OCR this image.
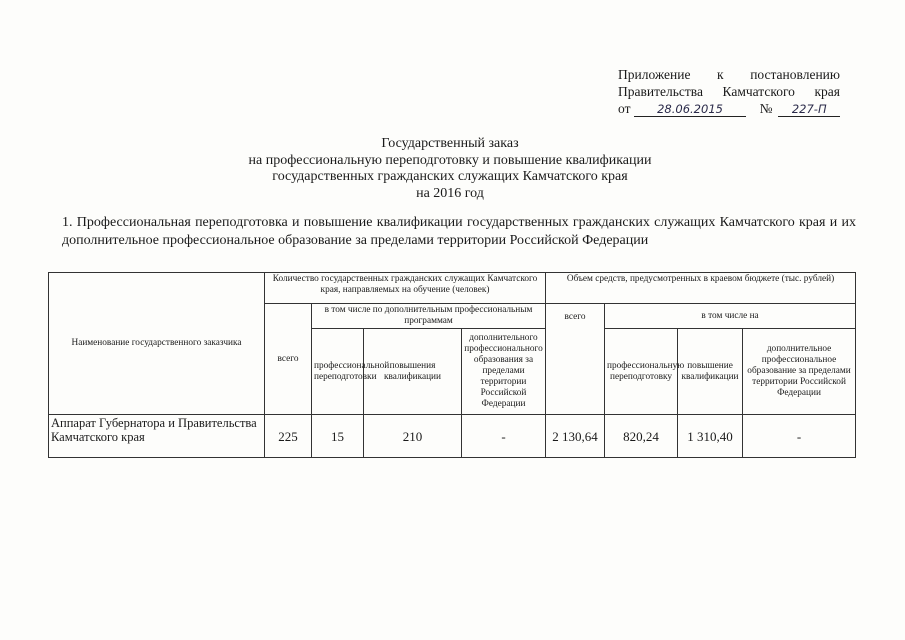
Приложение к постановлению
Правительства Камчатского края
от	28.06.2015	№	227-П
Государственный заказ
на профессиональную переподготовку и повышение квалификации
государственных гражданских служащих Камчатского края
на 2016 год
1. Профессиональная переподготовка и повышение квалификации государственных гражданских служащих Камчатского края и их дополнительное профессиональное образование за пределами территории Российской Федерации
Наименование государственного заказчика	Количество государственных гражданских служащих Камчатского края, направляемых на обучение (человек)				Объем средств, предусмотренных в краевом бюджете (тыс. рублей)			
	всего	в том числе по дополнительным профессиональным программам			всего	в том числе на		
		профессиональной переподготовки	повышения квалификации	дополнительного профессионального образования за пределами территории Российской Федерации		профессиональную переподготовку	повышение квалификации	дополнительное профессиональное образование за пределами территории Российской Федерации
Аппарат Губернатора и Правительства Камчатского края	225	15	210	-	2 130,64	820,24	1 310,40	-
